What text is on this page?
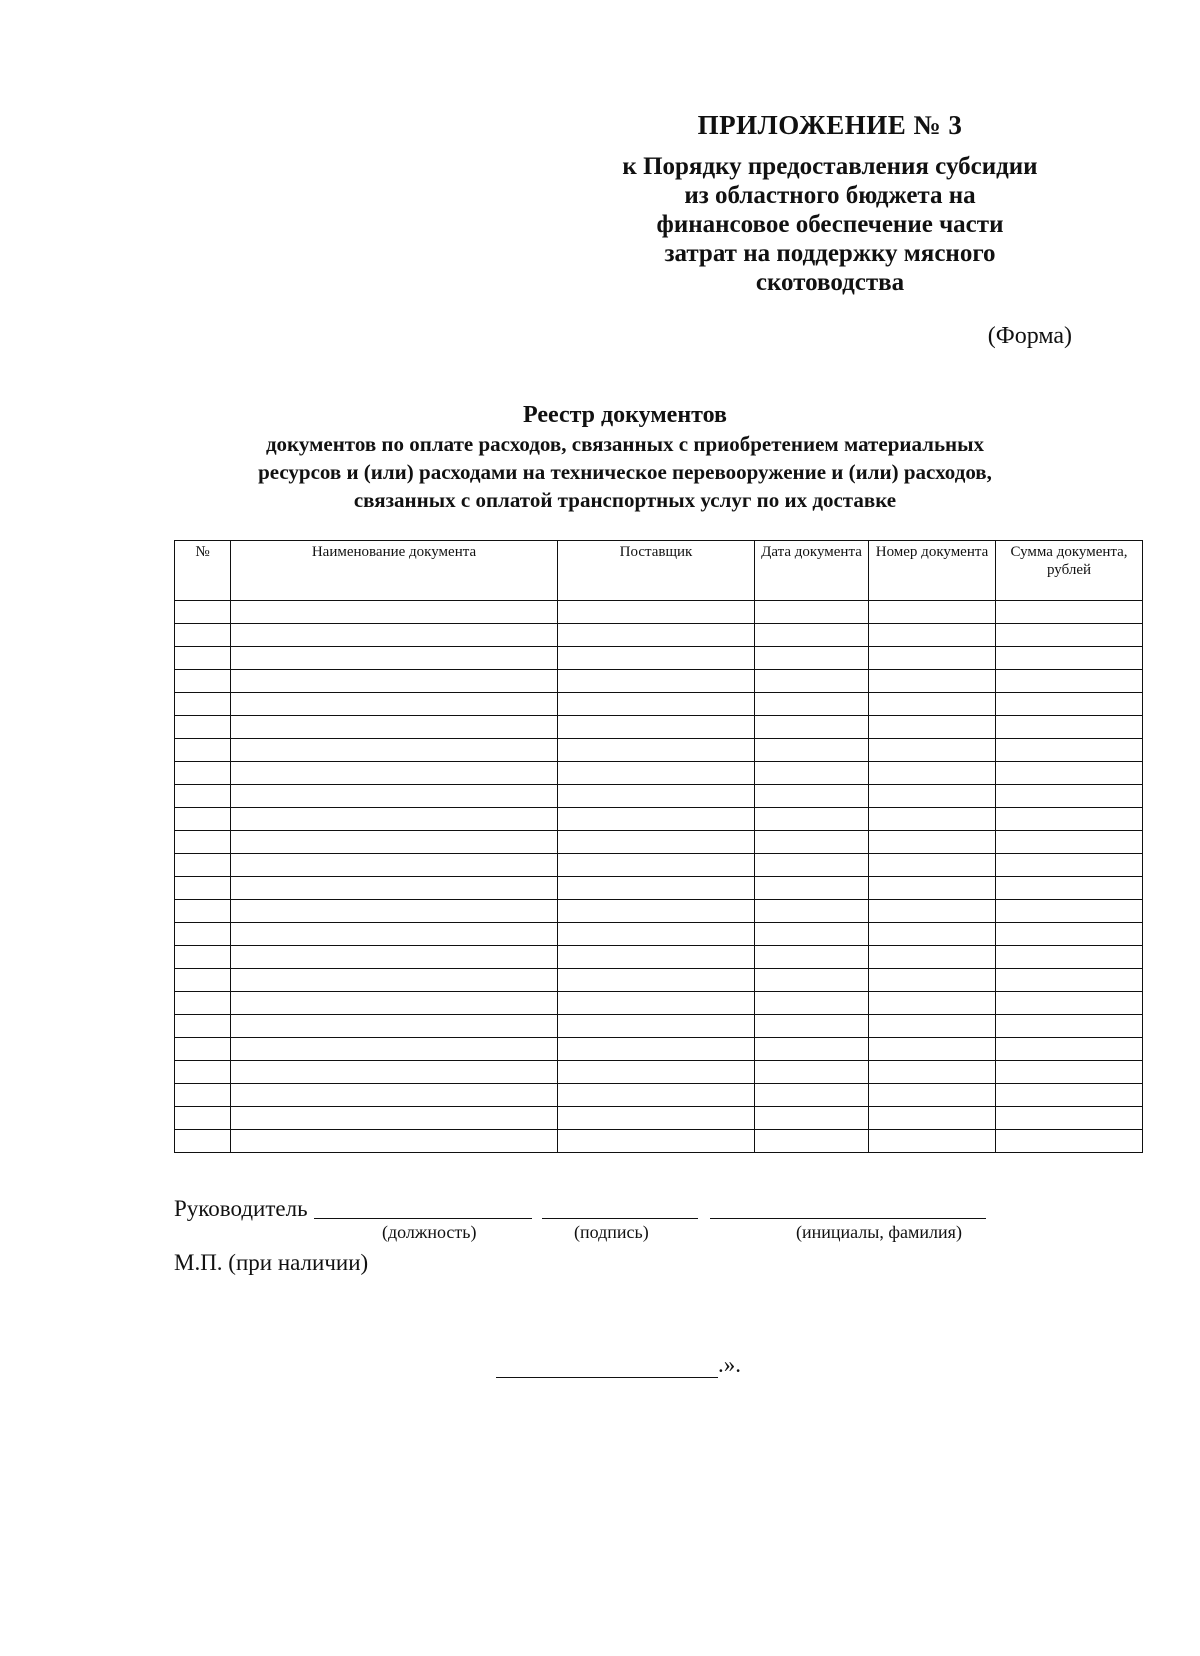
ПРИЛОЖЕНИЕ № 3

к Порядку предоставления субсидии

из областного бюджета на

финансовое обеспечение части

затрат на поддержку мясного

скотоводства

(Форма)

Реестр документов

документов по оплате расходов, связанных с приобретением материальных

ресурсов и (или) расходами на техническое перевооружение и (или) расходов,

связанных с оплатой транспортных услуг по их доставке

№	Наименование документа	Поставщик	Дата документа	Номер документа	Сумма документа, рублей

Руководитель
(должность)	(подпись)	(инициалы, фамилия)
М.П. (при наличии)
.».
